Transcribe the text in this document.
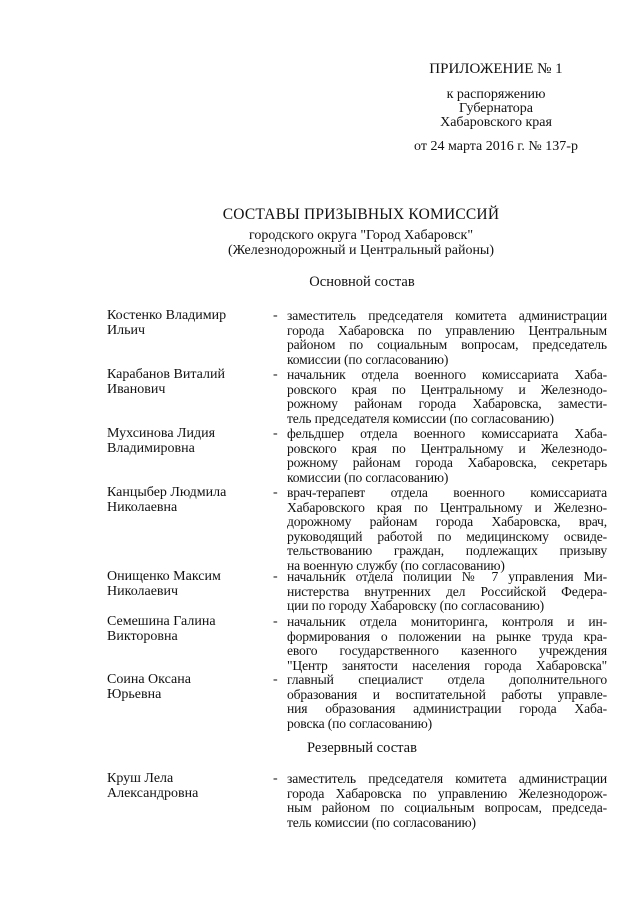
ПРИЛОЖЕНИЕ № 1
к распоряжению
Губернатора
Хабаровского края
от 24 марта 2016 г. № 137-р
СОСТАВЫ ПРИЗЫВНЫХ КОМИССИЙ
городского округа "Город Хабаровск"
(Железнодорожный и Центральный районы)
Основной состав
Костенко Владимир
Ильич
- заместитель председателя комитета администрации
города Хабаровска по управлению Центральным
районом по социальным вопросам, председатель
комиссии (по согласованию)
Карабанов Виталий
Иванович
- начальник отдела военного комиссариата Хаба-
ровского края по Центральному и Железнодо-
рожному районам города Хабаровска, замести-
тель председателя комиссии (по согласованию)
Мухсинова Лидия
Владимировна
- фельдшер отдела военного комиссариата Хаба-
ровского края по Центральному и Железнодо-
рожному районам города Хабаровска, секретарь
комиссии (по согласованию)
Канцыбер Людмила
Николаевна
- врач-терапевт отдела военного комиссариата
Хабаровского края по Центральному и Железно-
дорожному районам города Хабаровска, врач,
руководящий работой по медицинскому освиде-
тельствованию граждан, подлежащих призыву
на военную службу (по согласованию)
Онищенко Максим
Николаевич
- начальник отдела полиции № 7 управления Ми-
нистерства внутренних дел Российской Федера-
ции по городу Хабаровску (по согласованию)
Семешина Галина
Викторовна
- начальник отдела мониторинга, контроля и ин-
формирования о положении на рынке труда кра-
евого государственного казенного учреждения
"Центр занятости населения города Хабаровска"
Соина Оксана
Юрьевна
- главный специалист отдела дополнительного
образования и воспитательной работы управле-
ния образования администрации города Хаба-
ровска (по согласованию)
Резервный состав
Круш Лела
Александровна
- заместитель председателя комитета администрации
города Хабаровска по управлению Железнодорож-
ным районом по социальным вопросам, председа-
тель комиссии (по согласованию)
